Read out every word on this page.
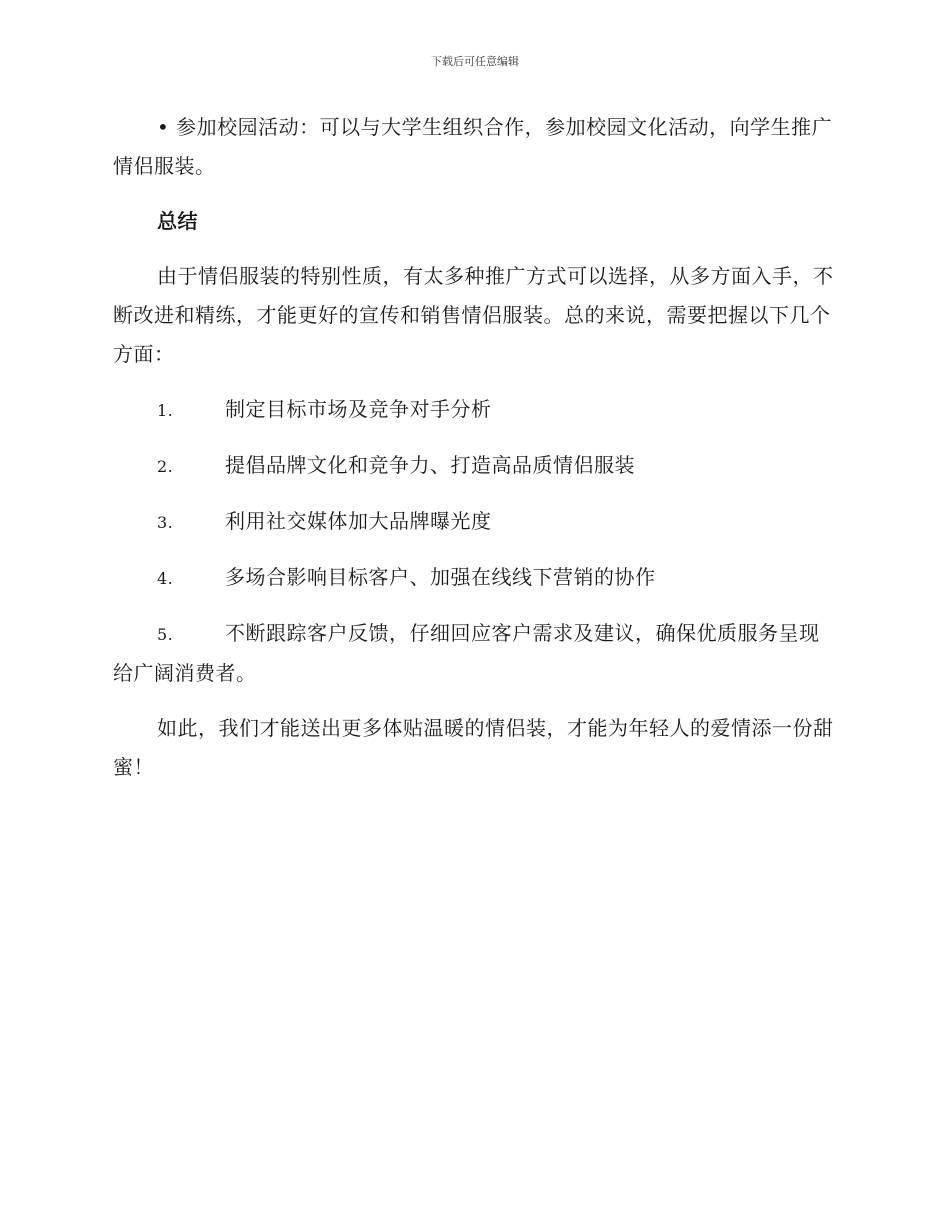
下载后可任意编辑

• 参加校园活动：可以与大学生组织合作，参加校园文化活动，向学生推广情侣服装。

总结

由于情侣服装的特别性质，有太多种推广方式可以选择，从多方面入手，不断改进和精练，才能更好的宣传和销售情侣服装。总的来说，需要把握以下几个方面：

1.	制定目标市场及竞争对手分析

2.	提倡品牌文化和竞争力、打造高品质情侣服装

3.	利用社交媒体加大品牌曝光度

4.	多场合影响目标客户、加强在线线下营销的协作

5.	不断跟踪客户反馈，仔细回应客户需求及建议，确保优质服务呈现给广阔消费者。

如此，我们才能送出更多体贴温暖的情侣装，才能为年轻人的爱情添一份甜蜜！
